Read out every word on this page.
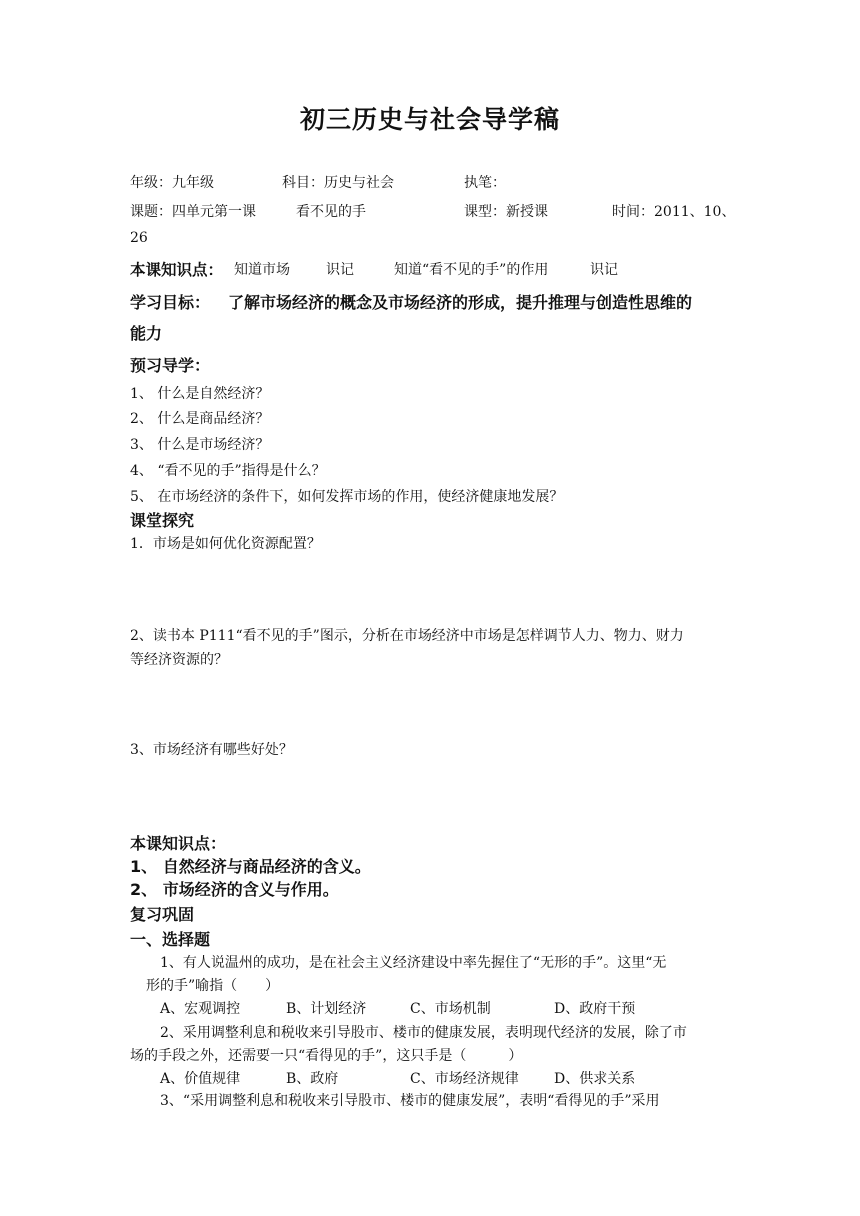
初三历史与社会导学稿
年级：九年级	科目：历史与社会	执笔：
课题：四单元第一课	看不见的手	课型：新授课	时间：2011、10、
26
本课知识点： 知道市场	识记	知道“看不见的手”的作用	识记
学习目标： 了解市场经济的概念及市场经济的形成，提升推理与创造性思维的
能力
预习导学：
1、 什么是自然经济？
2、 什么是商品经济？
3、 什么是市场经济？
4、 “看不见的手”指得是什么？
5、 在市场经济的条件下，如何发挥市场的作用，使经济健康地发展？
课堂探究
1．市场是如何优化资源配置？
2、读书本 P111“看不见的手”图示，分析在市场经济中市场是怎样调节人力、物力、财力
等经济资源的？
3、市场经济有哪些好处？
本课知识点：
1、 自然经济与商品经济的含义。
2、 市场经济的含义与作用。
复习巩固
一、选择题
1、有人说温州的成功，是在社会主义经济建设中率先握住了“无形的手”。这里“无
形的手”喻指（　　）
A、宏观调控	B、计划经济	C、市场机制	D、政府干预
2、采用调整利息和税收来引导股市、楼市的健康发展，表明现代经济的发展，除了市
场的手段之外，还需要一只“看得见的手”，这只手是（　　　）
A、价值规律	B、政府	C、市场经济规律	D、供求关系
3、“采用调整利息和税收来引导股市、楼市的健康发展”，表明“看得见的手”采用
